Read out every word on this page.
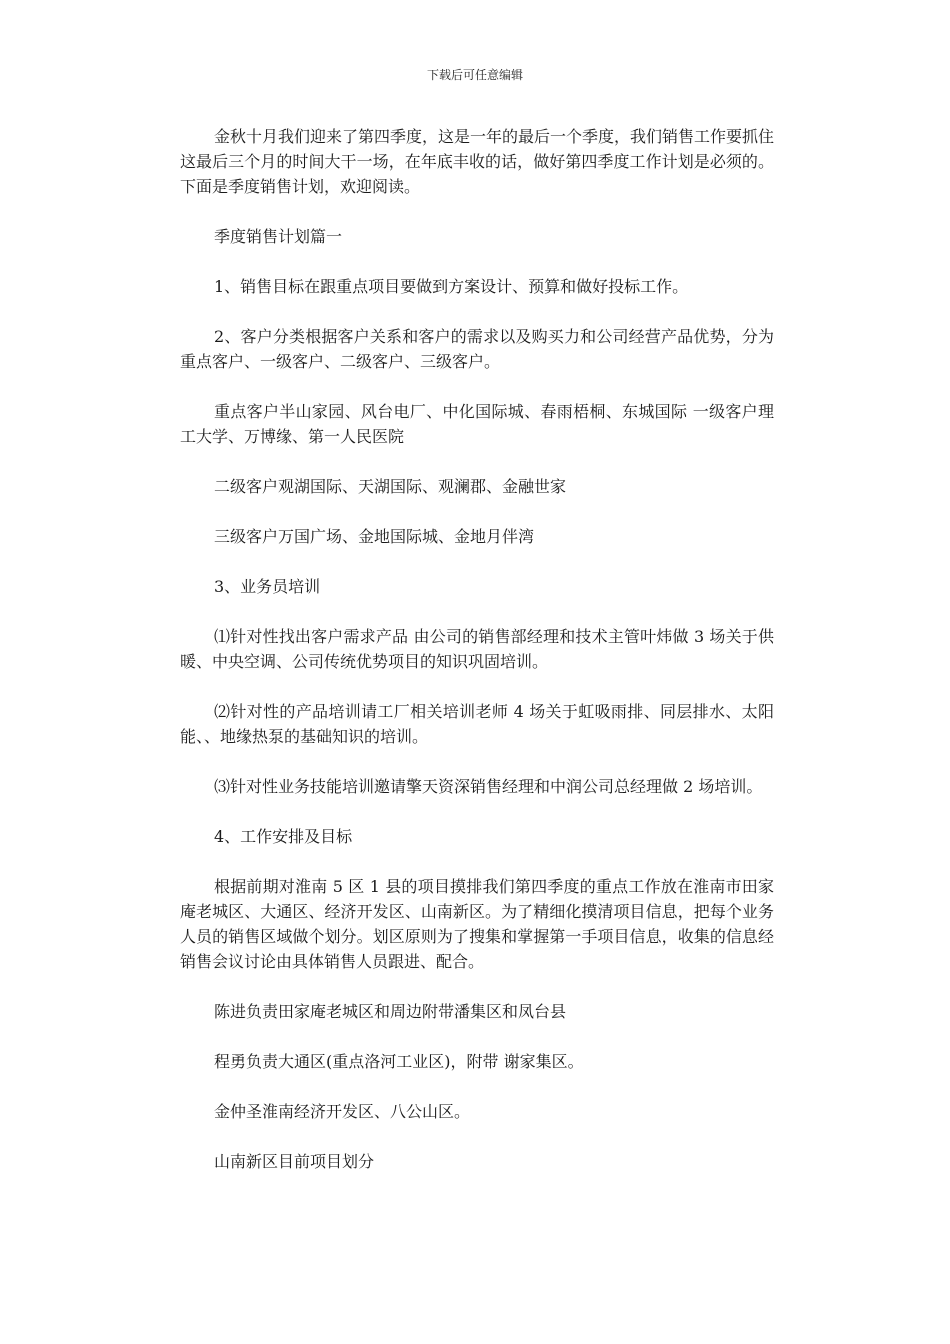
下载后可任意编辑

金秋十月我们迎来了第四季度，这是一年的最后一个季度，我们销售工作要抓住这最后三个月的时间大干一场，在年底丰收的话，做好第四季度工作计划是必须的。下面是季度销售计划，欢迎阅读。

季度销售计划篇一

1、销售目标在跟重点项目要做到方案设计、预算和做好投标工作。

2、客户分类根据客户关系和客户的需求以及购买力和公司经营产品优势，分为重点客户、一级客户、二级客户、三级客户。

重点客户半山家园、风台电厂、中化国际城、春雨梧桐、东城国际 一级客户理工大学、万博缘、第一人民医院

二级客户观湖国际、天湖国际、观澜郡、金融世家

三级客户万国广场、金地国际城、金地月伴湾

3、业务员培训

⑴针对性找出客户需求产品 由公司的销售部经理和技术主管叶炜做 3 场关于供暖、中央空调、公司传统优势项目的知识巩固培训。

⑵针对性的产品培训请工厂相关培训老师 4 场关于虹吸雨排、同层排水、太阳能、、地缘热泵的基础知识的培训。

⑶针对性业务技能培训邀请擎天资深销售经理和中润公司总经理做 2 场培训。

4、工作安排及目标

根据前期对淮南 5 区 1 县的项目摸排我们第四季度的重点工作放在淮南市田家庵老城区、大通区、经济开发区、山南新区。为了精细化摸清项目信息，把每个业务人员的销售区域做个划分。划区原则为了搜集和掌握第一手项目信息，收集的信息经销售会议讨论由具体销售人员跟进、配合。

陈进负责田家庵老城区和周边附带潘集区和凤台县

程勇负责大通区(重点洛河工业区)，附带 谢家集区。

金仲圣淮南经济开发区、八公山区。

山南新区目前项目划分
